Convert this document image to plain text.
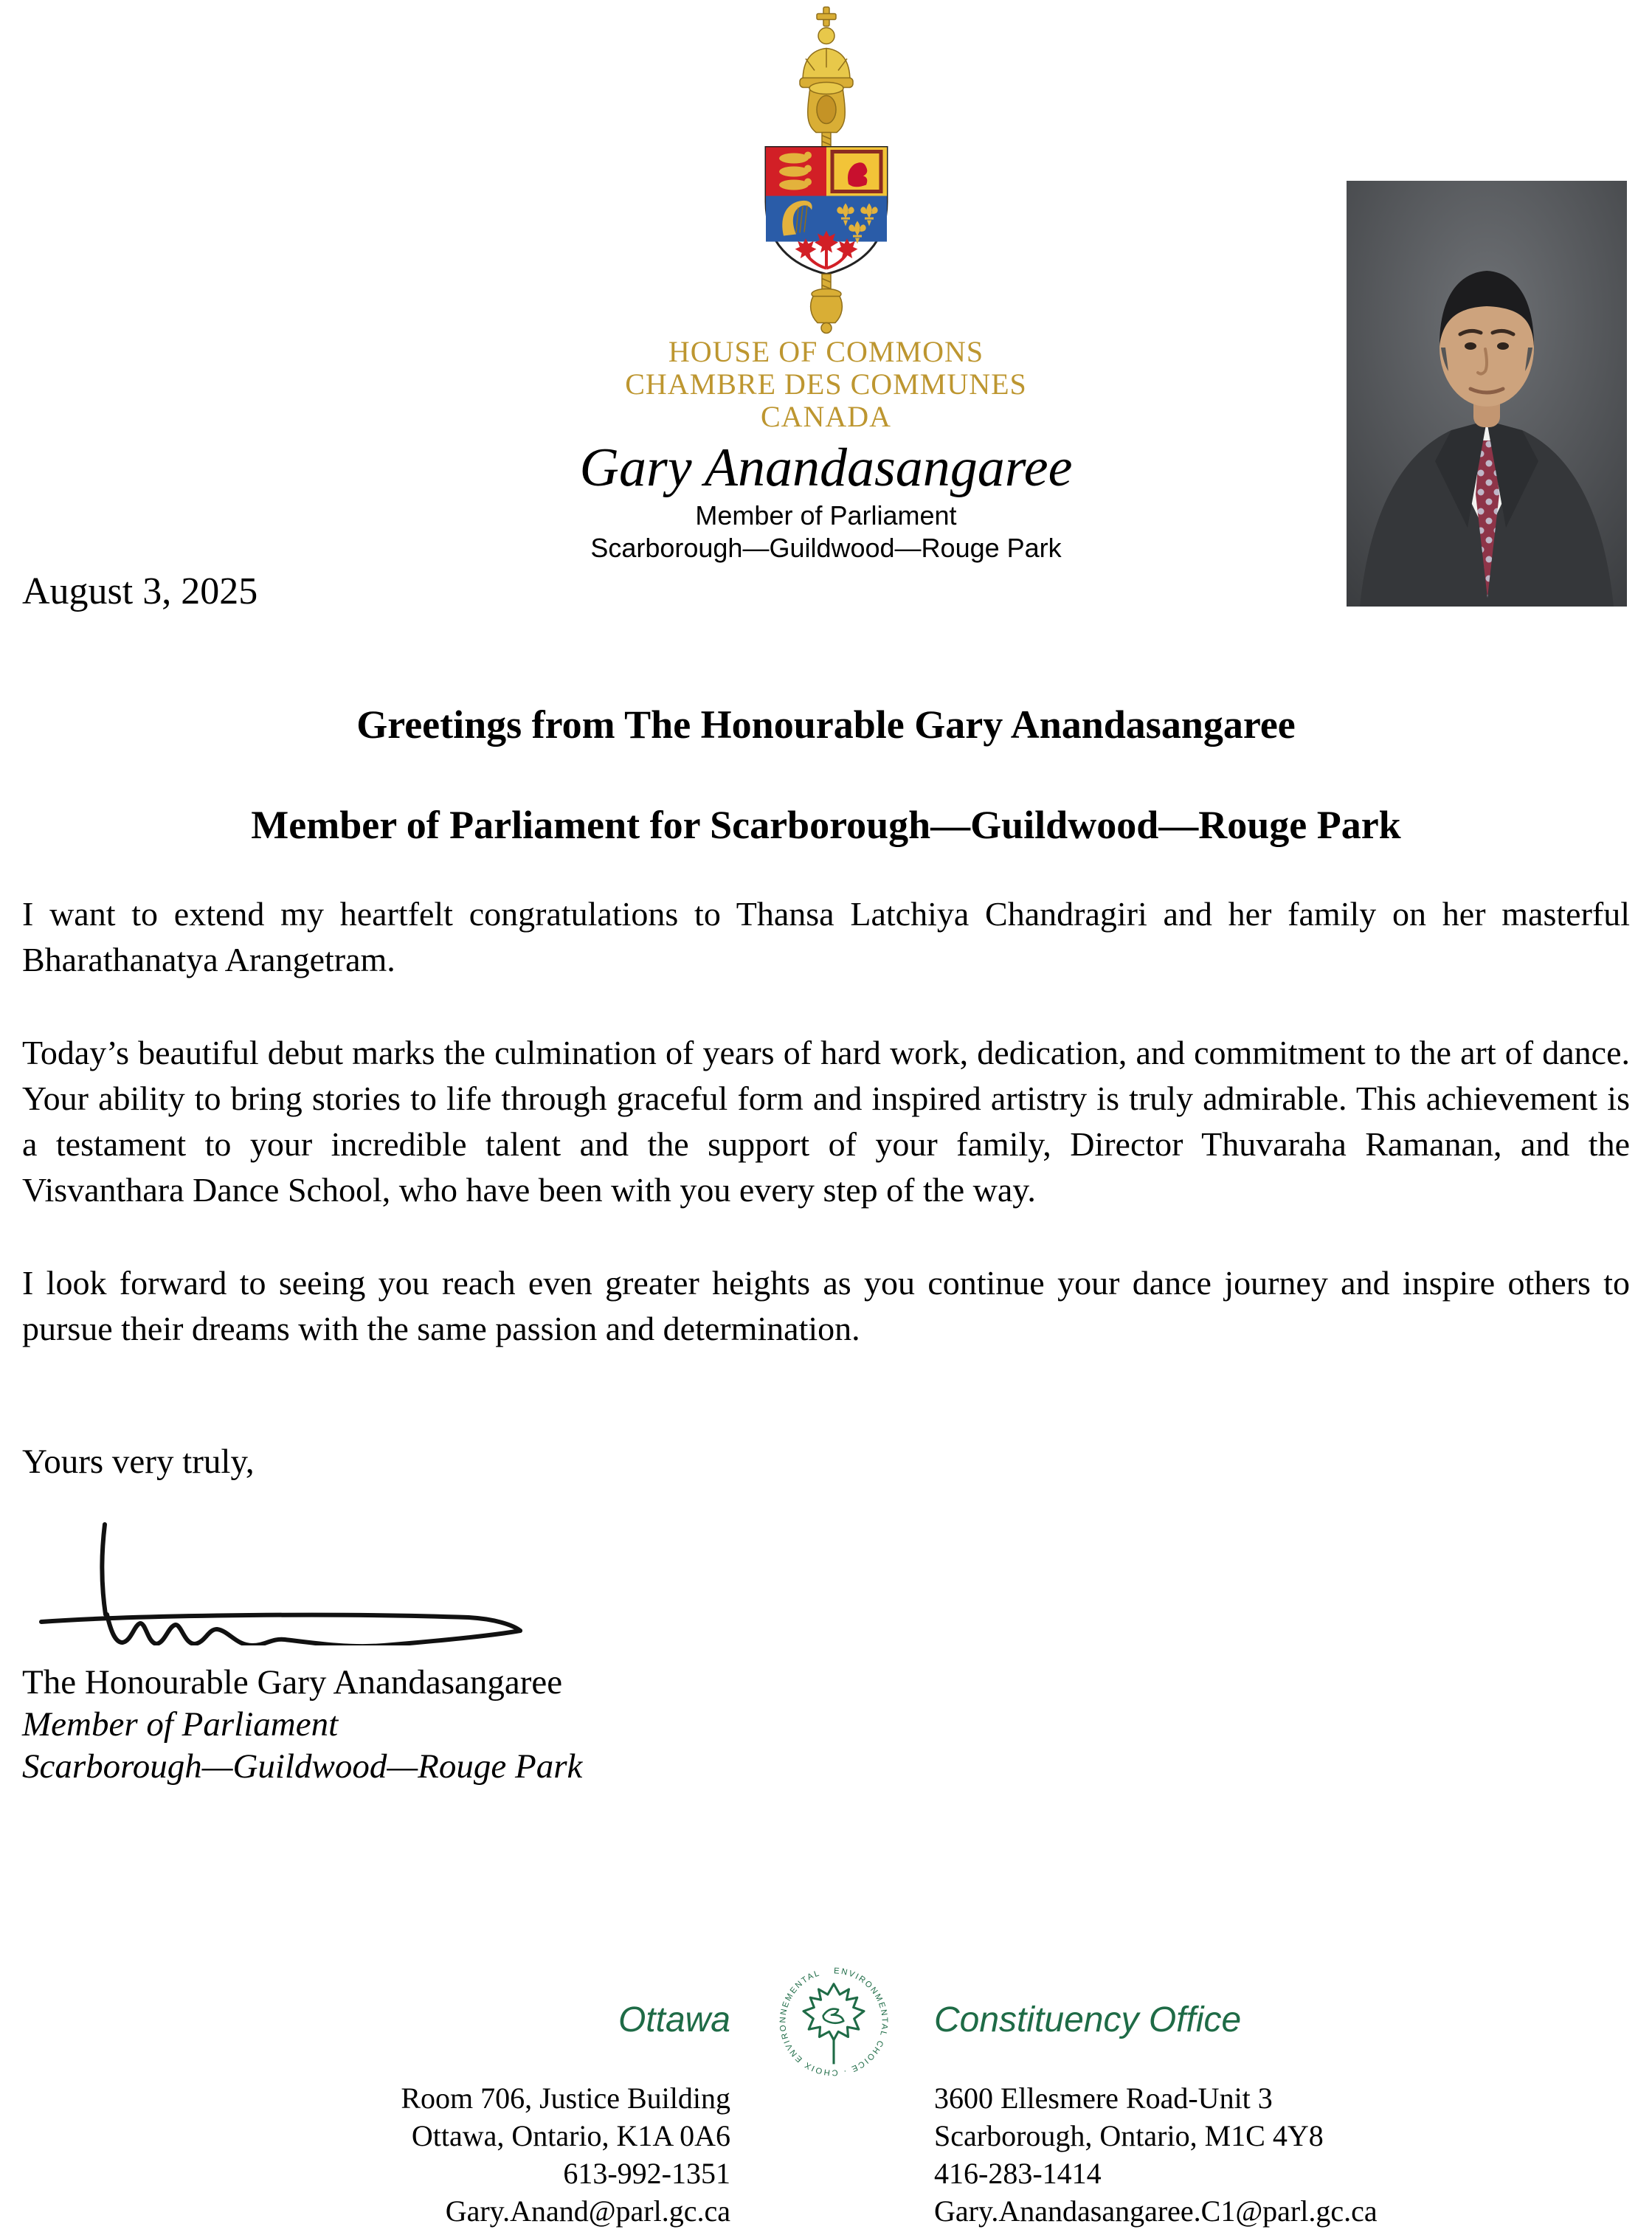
HOUSE OF COMMONS
CHAMBRE DES COMMUNES
CANADA
Gary Anandasangaree
Member of Parliament
Scarborough—Guildwood—Rouge Park
August 3, 2025

Greetings from The Honourable Gary Anandasangaree

Member of Parliament for Scarborough—Guildwood—Rouge Park

I want to extend my heartfelt congratulations to Thansa Latchiya Chandragiri and her family on her masterful Bharathanatya Arangetram.

Today’s beautiful debut marks the culmination of years of hard work, dedication, and commitment to the art of dance. Your ability to bring stories to life through graceful form and inspired artistry is truly admirable. This achievement is a testament to your incredible talent and the support of your family, Director Thuvaraha Ramanan, and the Visvanthara Dance School, who have been with you every step of the way.

I look forward to seeing you reach even greater heights as you continue your dance journey and inspire others to pursue their dreams with the same passion and determination.

Yours very truly,

The Honourable Gary Anandasangaree
Member of Parliament
Scarborough—Guildwood—Rouge Park
Ottawa
ENVIRONMENTAL CHOICE · CHOIX ENVIRONNEMENTAL
Constituency Office
Room 706, Justice Building
Ottawa, Ontario, K1A 0A6
613-992-1351
Gary.Anand@parl.gc.ca
3600 Ellesmere Road-Unit 3
Scarborough, Ontario, M1C 4Y8
416-283-1414
Gary.Anandasangaree.C1@parl.gc.ca
